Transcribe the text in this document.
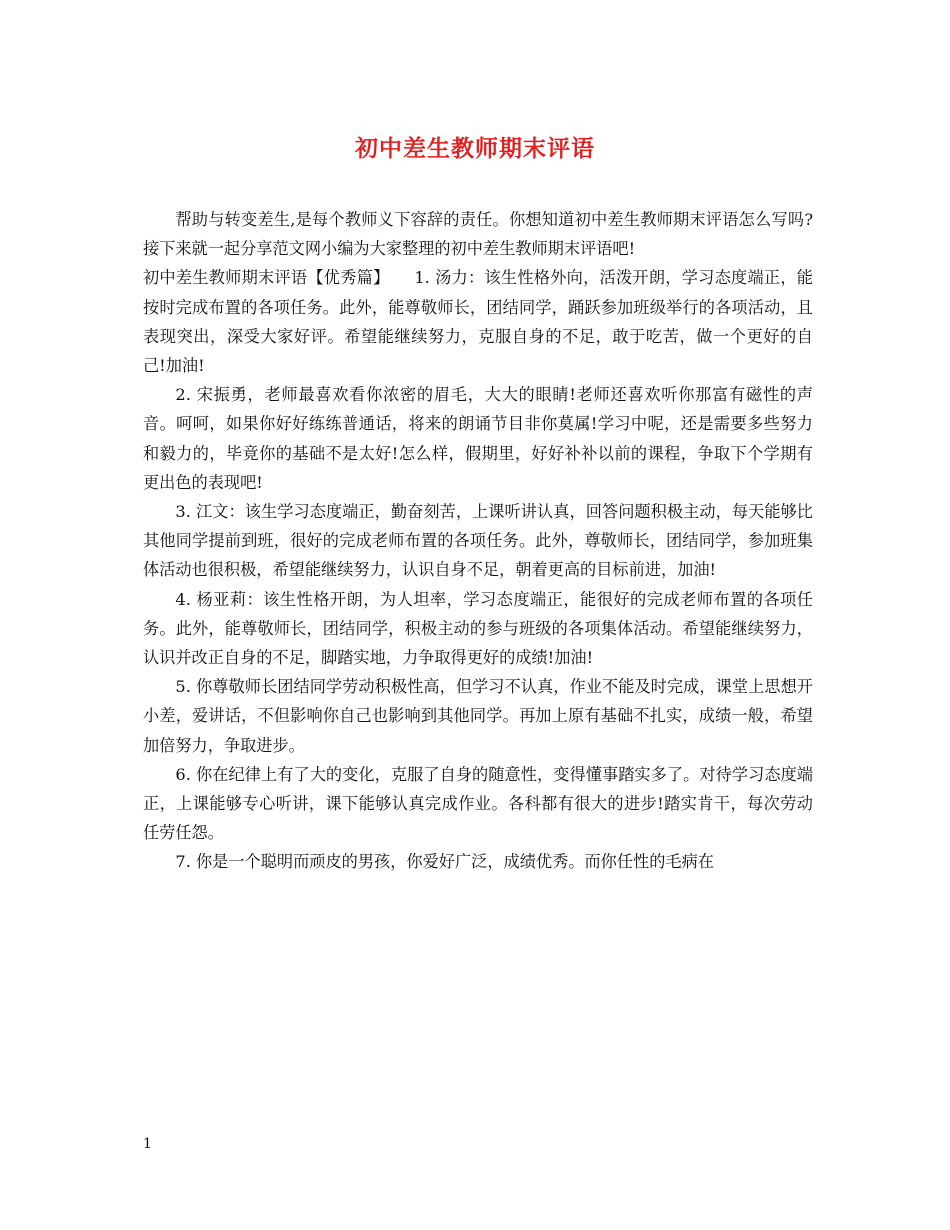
初中差生教师期末评语

帮助与转变差生,是每个教师义下容辞的责任。你想知道初中差生教师期末评语怎么写吗?接下来就一起分享范文网小编为大家整理的初中差生教师期末评语吧!

初中差生教师期末评语【优秀篇】　　1. 汤力：该生性格外向，活泼开朗，学习态度端正，能按时完成布置的各项任务。此外，能尊敬师长，团结同学，踊跃参加班级举行的各项活动，且表现突出，深受大家好评。希望能继续努力，克服自身的不足，敢于吃苦，做一个更好的自己!加油!

2. 宋振勇，老师最喜欢看你浓密的眉毛，大大的眼睛!老师还喜欢听你那富有磁性的声音。呵呵，如果你好好练练普通话，将来的朗诵节目非你莫属!学习中呢，还是需要多些努力和毅力的，毕竟你的基础不是太好!怎么样，假期里，好好补补以前的课程，争取下个学期有更出色的表现吧!

3. 江文：该生学习态度端正，勤奋刻苦，上课听讲认真，回答问题积极主动，每天能够比其他同学提前到班，很好的完成老师布置的各项任务。此外，尊敬师长，团结同学，参加班集体活动也很积极，希望能继续努力，认识自身不足，朝着更高的目标前进，加油!

4. 杨亚莉：该生性格开朗，为人坦率，学习态度端正，能很好的完成老师布置的各项任务。此外，能尊敬师长，团结同学，积极主动的参与班级的各项集体活动。希望能继续努力，认识并改正自身的不足，脚踏实地，力争取得更好的成绩!加油!

5. 你尊敬师长团结同学劳动积极性高，但学习不认真，作业不能及时完成，课堂上思想开小差，爱讲话，不但影响你自己也影响到其他同学。再加上原有基础不扎实，成绩一般，希望加倍努力，争取进步。

6. 你在纪律上有了大的变化，克服了自身的随意性，变得懂事踏实多了。对待学习态度端正，上课能够专心听讲，课下能够认真完成作业。各科都有很大的进步!踏实肯干，每次劳动任劳任怨。

7. 你是一个聪明而顽皮的男孩，你爱好广泛，成绩优秀。而你任性的毛病在

1
